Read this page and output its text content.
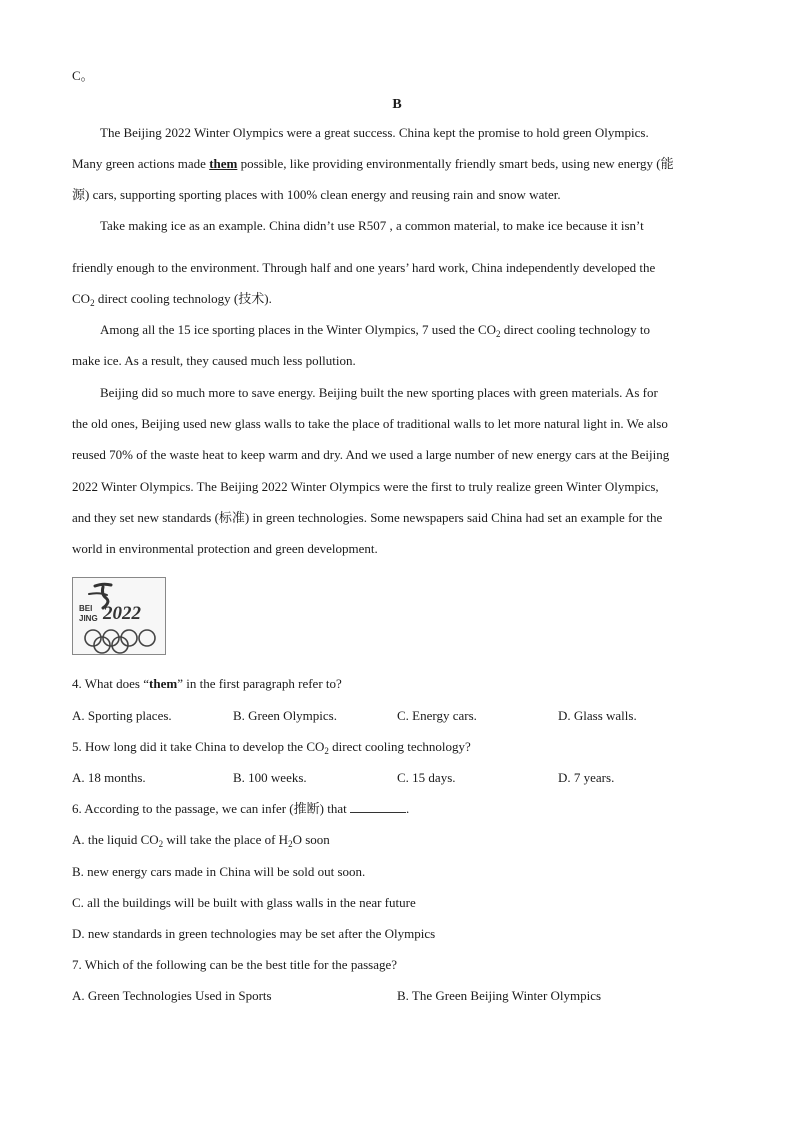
C。
B
The Beijing 2022 Winter Olympics were a great success. China kept the promise to hold green Olympics.
Many green actions made them possible, like providing environmentally friendly smart beds, using new energy (能
源) cars, supporting sporting places with 100% clean energy and reusing rain and snow water.
Take making ice as an example. China didn’t use R507 , a common material, to make ice because it isn’t
friendly enough to the environment. Through half and one years’ hard work, China independently developed the
$CO_2$ direct cooling technology (技术).
Among all the 15 ice sporting places in the Winter Olympics, 7 used the $CO_2$ direct cooling technology to
make ice. As a result, they caused much less pollution.
Beijing did so much more to save energy. Beijing built the new sporting places with green materials. As for
the old ones, Beijing used new glass walls to take the place of traditional walls to let more natural light in. We also
reused 70% of the waste heat to keep warm and dry. And we used a large number of new energy cars at the Beijing
2022 Winter Olympics. The Beijing 2022 Winter Olympics were the first to truly realize green Winter Olympics,
and they set new standards (标准) in green technologies. Some newspapers said China had set an example for the
world in environmental protection and green development.
4. What does “them” in the first paragraph refer to?
A. Sporting places.	B. Green Olympics.	C. Energy cars.	D. Glass walls.
5. How long did it take China to develop the $CO_2$ direct cooling technology?
A. 18 months.	B. 100 weeks.	C. 15 days.	D. 7 years.
6. According to the passage, we can infer (推断) that	.
A. the liquid $CO_2$ will take the place of $H_2O$ soon
B. new energy cars made in China will be sold out soon.
C. all the buildings will be built with glass walls in the near future
D. new standards in green technologies may be set after the Olympics
7. Which of the following can be the best title for the passage?
A. Green Technologies Used in Sports	B. The Green Beijing Winter Olympics
BEI
JING 2022
